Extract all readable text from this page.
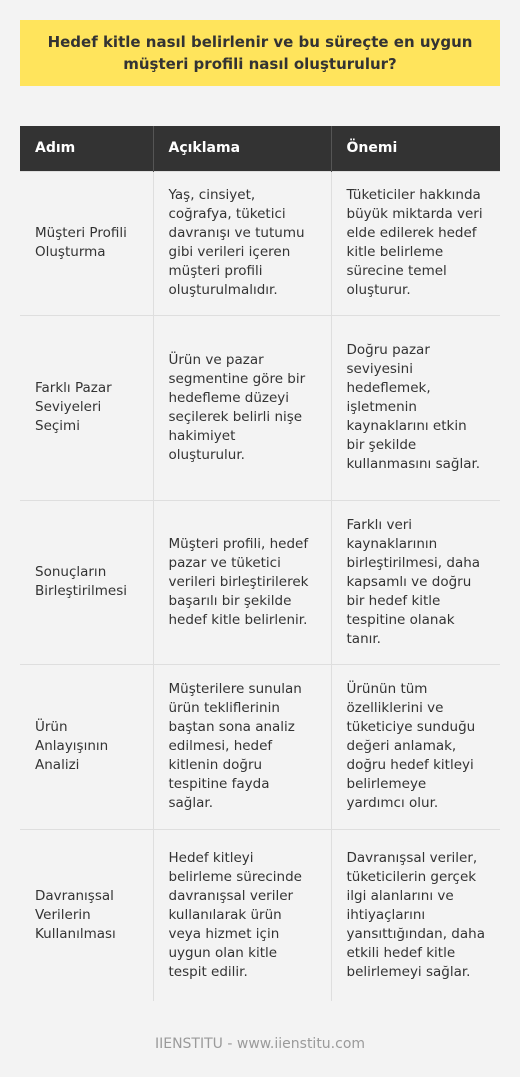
Hedef kitle nasıl belirlenir ve bu süreçte en uygun müşteri profili nasıl oluşturulur?

Adım	Açıklama	Önemi
Müşteri Profili Oluşturma	Yaş, cinsiyet, coğrafya, tüketici davranışı ve tutumu gibi verileri içeren müşteri profili oluşturulmalıdır.	Tüketiciler hakkında büyük miktarda veri elde edilerek hedef kitle belirleme sürecine temel oluşturur.
Farklı Pazar Seviyeleri Seçimi	Ürün ve pazar segmentine göre bir hedefleme düzeyi seçilerek belirli nişe hakimiyet oluşturulur.	Doğru pazar seviyesini hedeflemek, işletmenin kaynaklarını etkin bir şekilde kullanmasını sağlar.
Sonuçların Birleştirilmesi	Müşteri profili, hedef pazar ve tüketici verileri birleştirilerek başarılı bir şekilde hedef kitle belirlenir.	Farklı veri kaynaklarının birleştirilmesi, daha kapsamlı ve doğru bir hedef kitle tespitine olanak tanır.
Ürün Anlayışının Analizi	Müşterilere sunulan ürün tekliflerinin baştan sona analiz edilmesi, hedef kitlenin doğru tespitine fayda sağlar.	Ürünün tüm özelliklerini ve tüketiciye sunduğu değeri anlamak, doğru hedef kitleyi belirlemeye yardımcı olur.
Davranışsal Verilerin Kullanılması	Hedef kitleyi belirleme sürecinde davranışsal veriler kullanılarak ürün veya hizmet için uygun olan kitle tespit edilir.	Davranışsal veriler, tüketicilerin gerçek ilgi alanlarını ve ihtiyaçlarını yansıttığından, daha etkili hedef kitle belirlemeyi sağlar.
IIENSTITU - www.iienstitu.com
